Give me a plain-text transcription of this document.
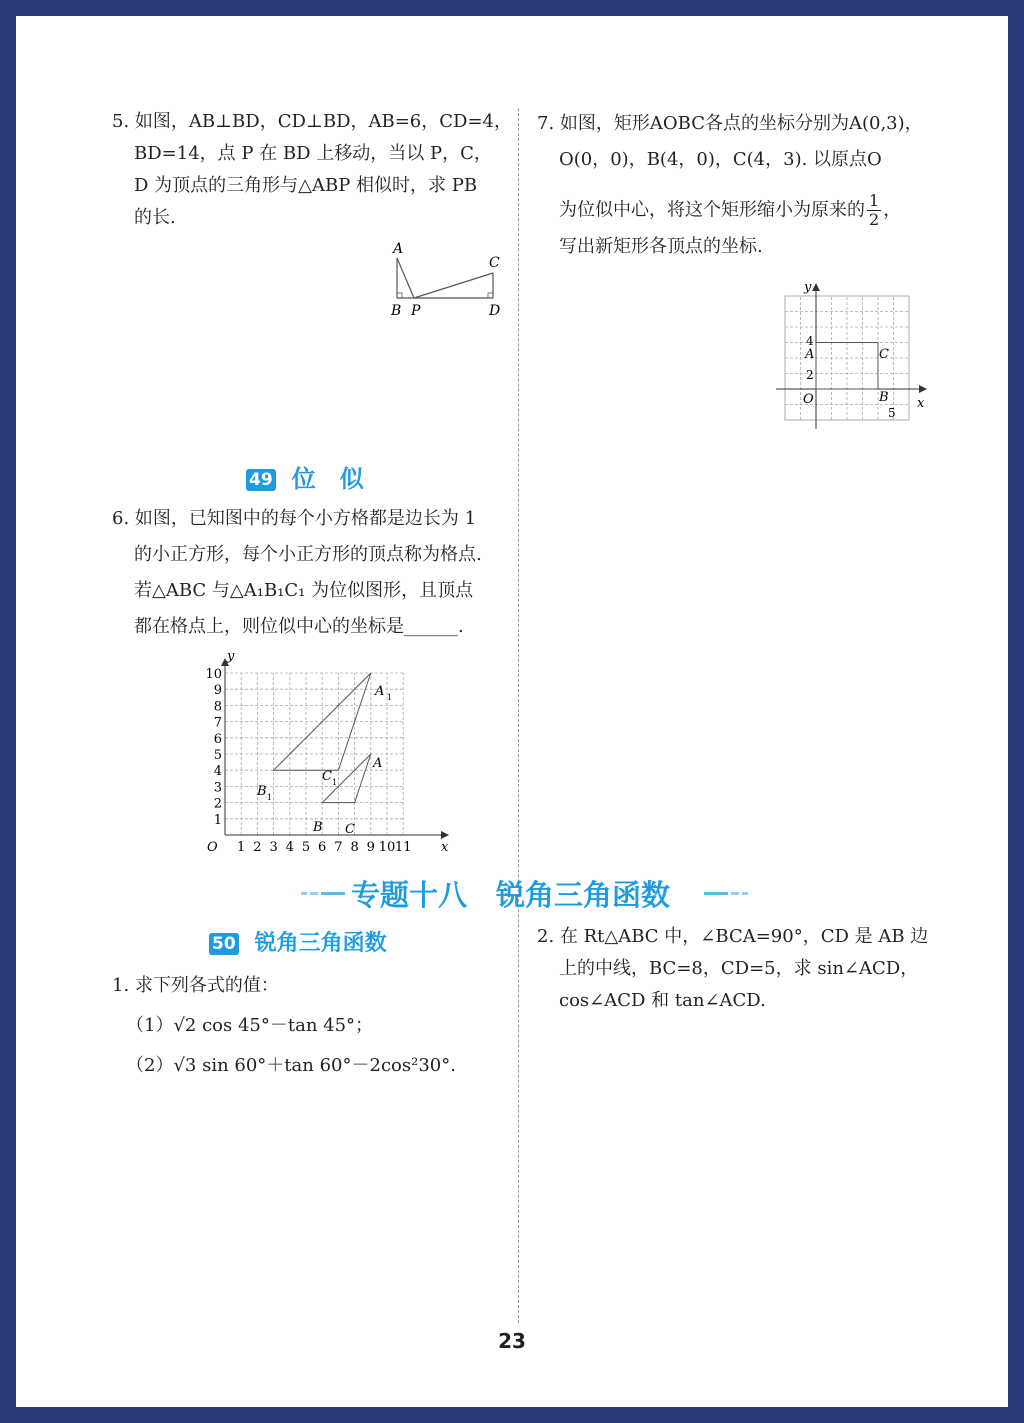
5. 如图，AB⊥BD，CD⊥BD，AB=6，CD=4，
BD=14，点 P 在 BD 上移动，当以 P，C，
D 为顶点的三角形与△ABP 相似时，求 PB
的长.
A
B P
C
D
49 位　似
6. 如图，已知图中的每个小方格都是边长为 1
的小正方形，每个小正方形的顶点称为格点.
若△ABC 与△A₁B₁C₁ 为位似图形，且顶点
都在格点上，则位似中心的坐标是______.
1 2 3 4 5 6 7 8 9 10 11
1
2
3
4
5
6
7
8
9
10
O	x
y
A
B C
A 1
B 1
C 1
7. 如图，矩形AOBC各点的坐标分别为A(0,3)，
O(0，0)，B(4，0)，C(4，3). 以原点O
为位似中心，将这个矩形缩小为原来的 $\frac{1}{2}$ ，
写出新矩形各顶点的坐标.
y
x
O
A	C
B
4
2
5
专题十八　锐角三角函数
50 锐角三角函数
1. 求下列各式的值：
（1）√2 cos 45°－tan 45°；
（2）√3 sin 60°＋tan 60°－2cos²30°.
2. 在 Rt△ABC 中，∠BCA=90°，CD 是 AB 边
上的中线，BC=8，CD=5，求 sin∠ACD，
cos∠ACD 和 tan∠ACD.
23
